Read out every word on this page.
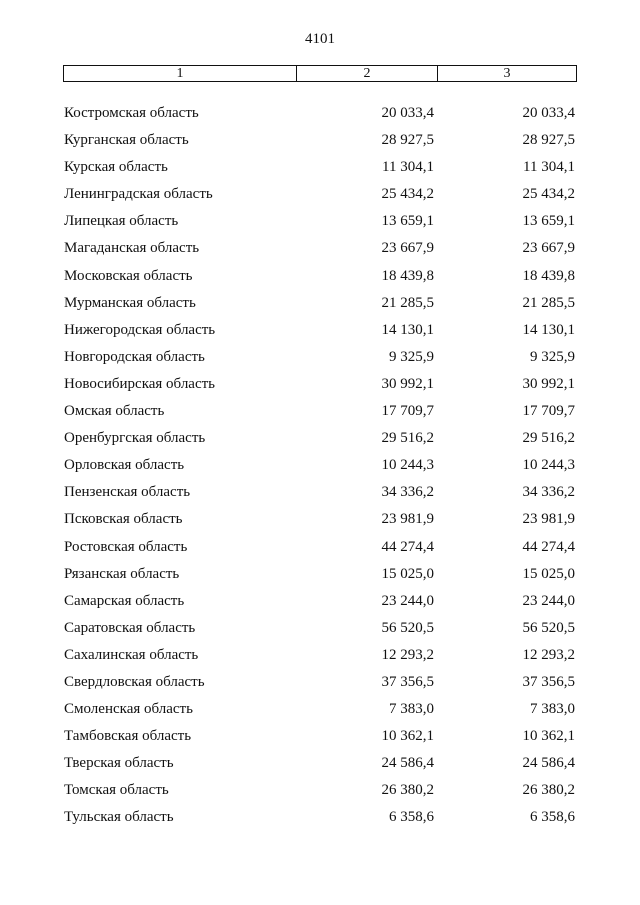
4101
1	2	3
Костромская область	20 033,4	20 033,4
Курганская область	28 927,5	28 927,5
Курская область	11 304,1	11 304,1
Ленинградская область	25 434,2	25 434,2
Липецкая область	13 659,1	13 659,1
Магаданская область	23 667,9	23 667,9
Московская область	18 439,8	18 439,8
Мурманская область	21 285,5	21 285,5
Нижегородская область	14 130,1	14 130,1
Новгородская область	9 325,9	9 325,9
Новосибирская область	30 992,1	30 992,1
Омская область	17 709,7	17 709,7
Оренбургская область	29 516,2	29 516,2
Орловская область	10 244,3	10 244,3
Пензенская область	34 336,2	34 336,2
Псковская область	23 981,9	23 981,9
Ростовская область	44 274,4	44 274,4
Рязанская область	15 025,0	15 025,0
Самарская область	23 244,0	23 244,0
Саратовская область	56 520,5	56 520,5
Сахалинская область	12 293,2	12 293,2
Свердловская область	37 356,5	37 356,5
Смоленская область	7 383,0	7 383,0
Тамбовская область	10 362,1	10 362,1
Тверская область	24 586,4	24 586,4
Томская область	26 380,2	26 380,2
Тульская область	6 358,6	6 358,6
